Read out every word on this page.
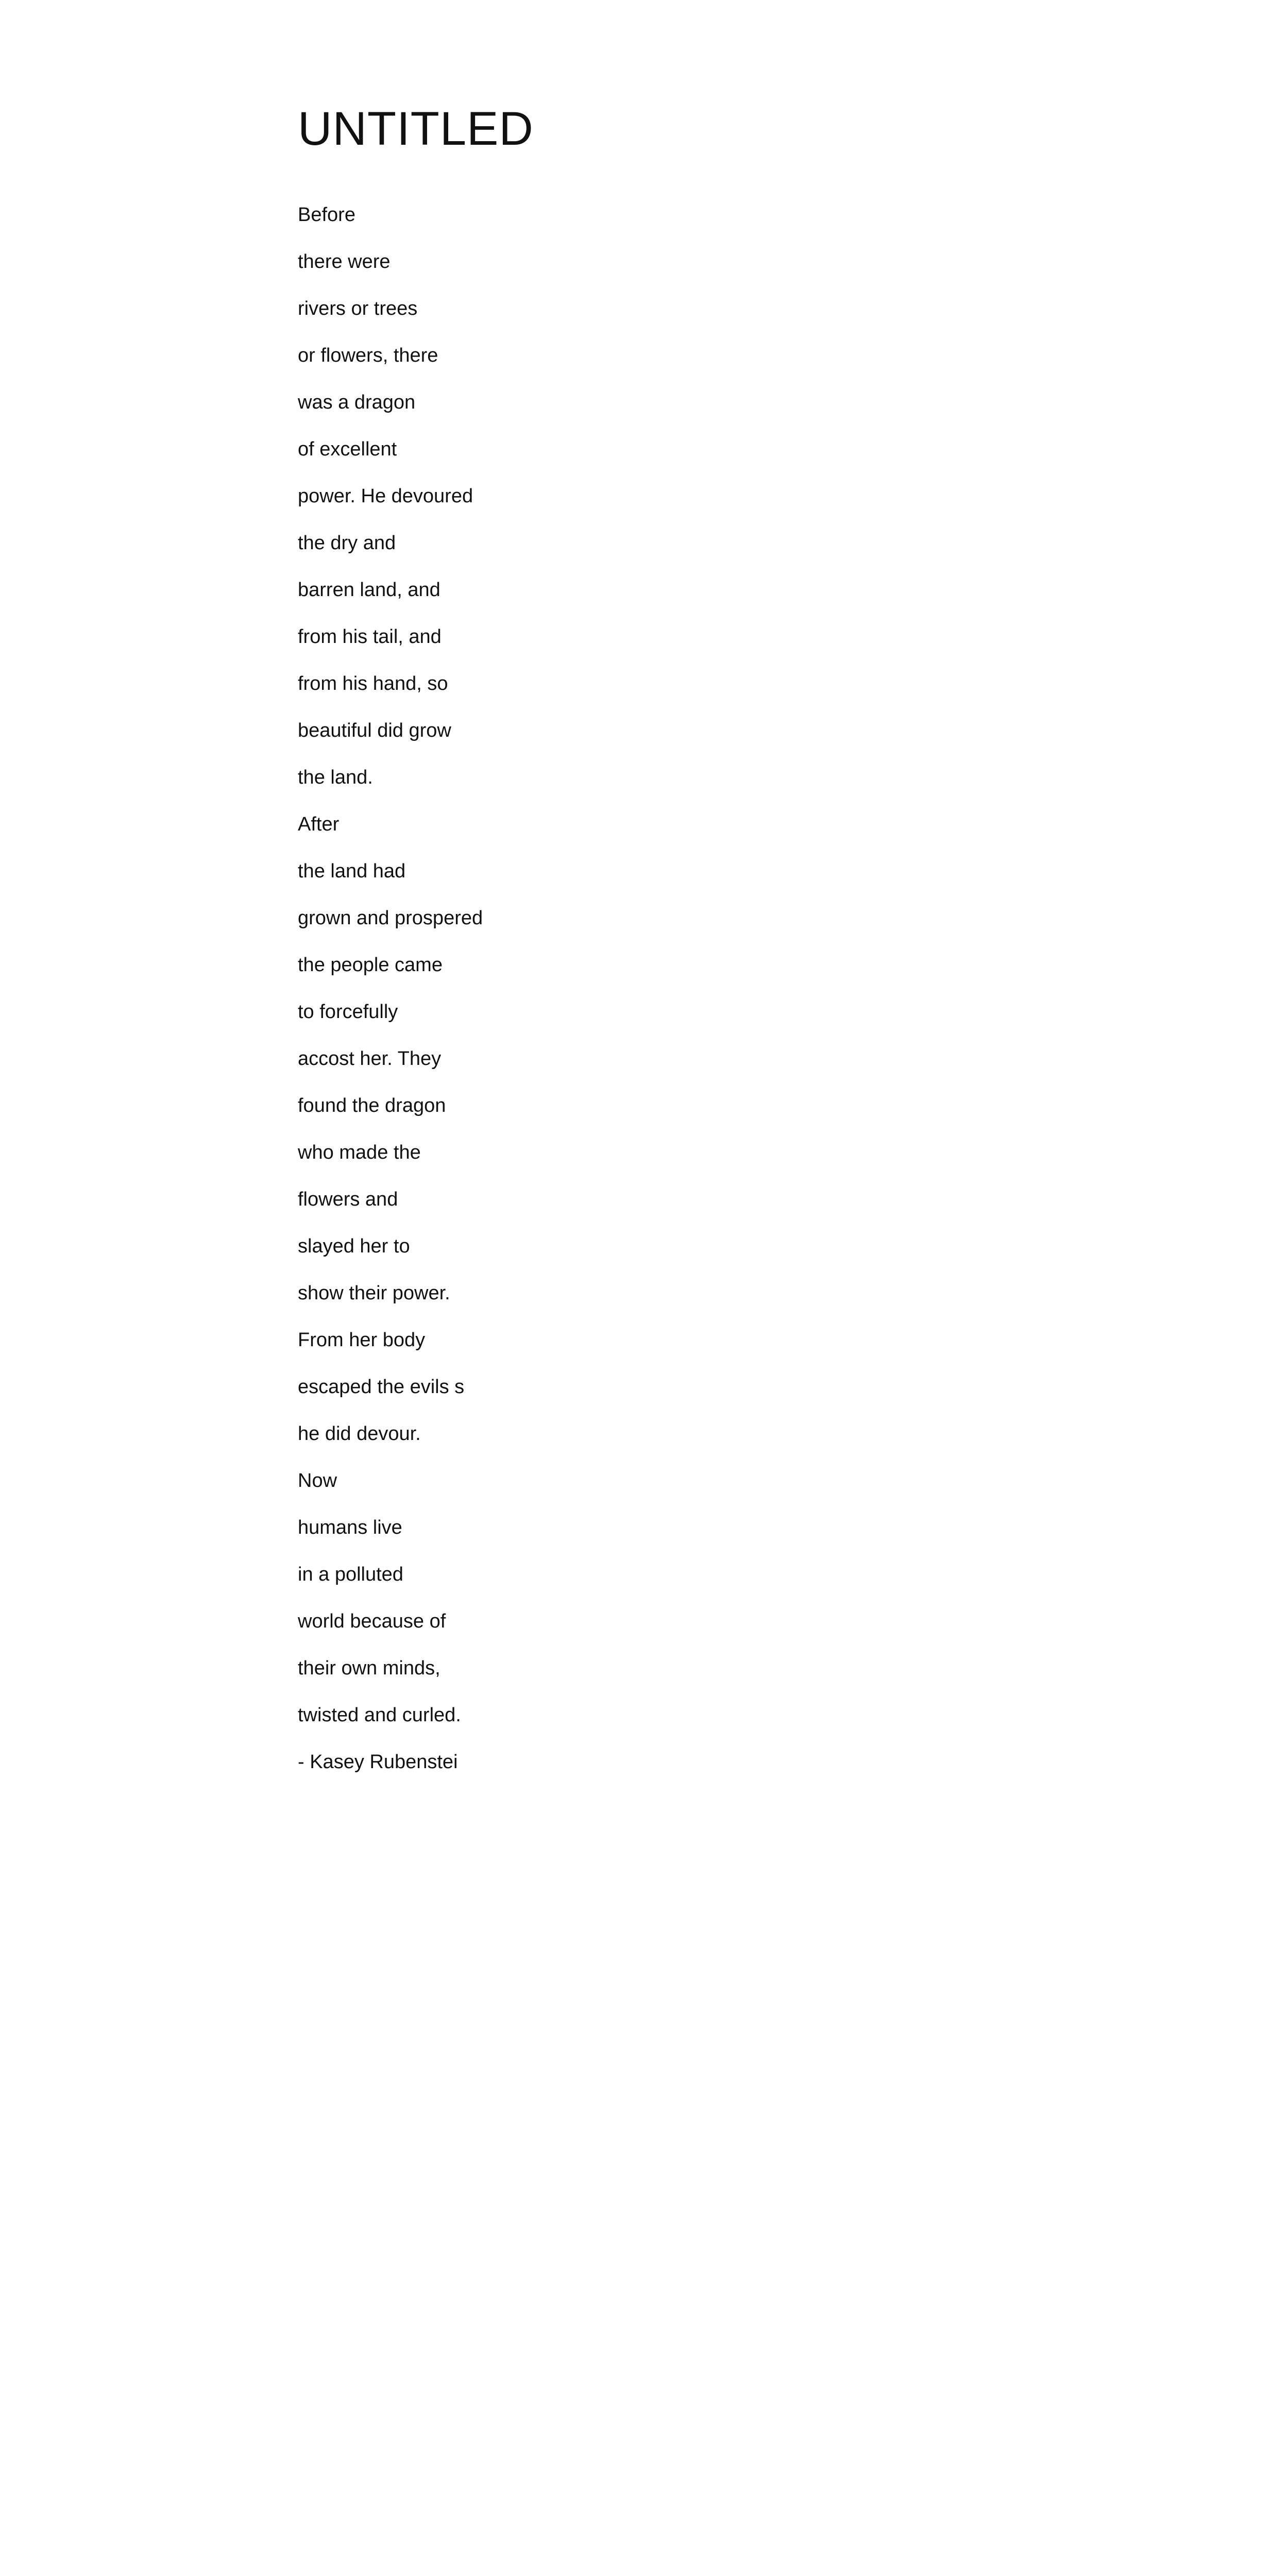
UNTITLED
Before
there were
rivers or trees
or flowers, there
was a dragon
of excellent
power. He devoured
the dry and
barren land, and
from his tail, and
from his hand, so
beautiful did grow
the land.
After
the land had
grown and prospered
the people came
to forcefully
accost her. They
found the dragon
who made the
flowers and
slayed her to
show their power.
From her body
escaped the evils s
he did devour.
Now
humans live
in a polluted
world because of
their own minds,
twisted and curled.
- Kasey Rubenstei
